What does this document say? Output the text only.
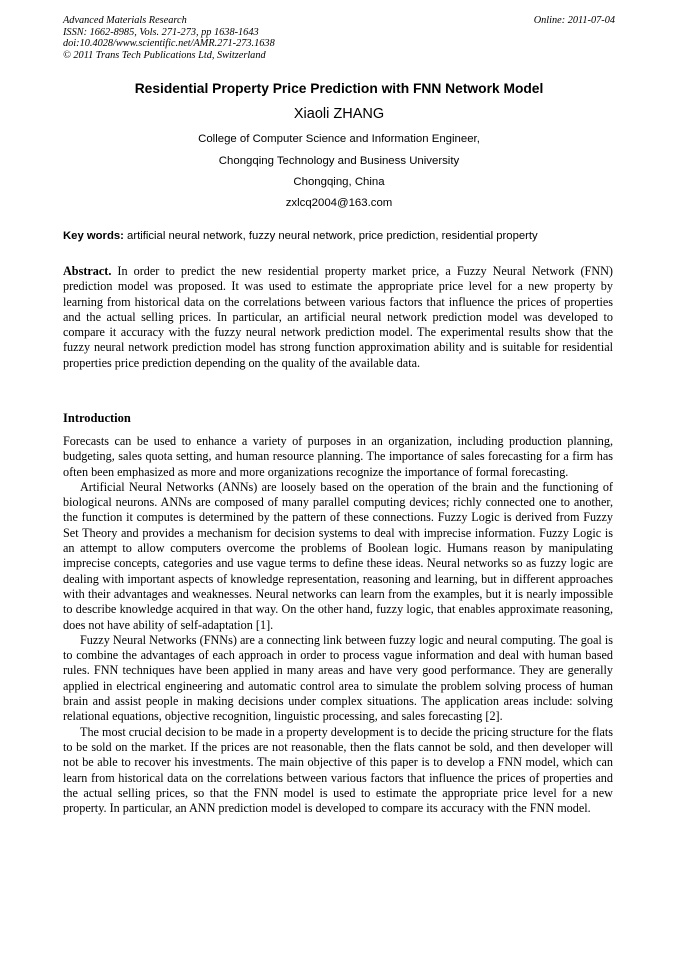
Advanced Materials Research
ISSN: 1662-8985, Vols. 271-273, pp 1638-1643
doi:10.4028/www.scientific.net/AMR.271-273.1638
© 2011 Trans Tech Publications Ltd, Switzerland
Online: 2011-07-04
Residential Property Price Prediction with FNN Network Model
Xiaoli ZHANG
College of Computer Science and Information Engineer,
Chongqing Technology and Business University
Chongqing, China
zxlcq2004@163.com
Key words: artificial neural network, fuzzy neural network, price prediction, residential property

Abstract. In order to predict the new residential property market price, a Fuzzy Neural Network (FNN) prediction model was proposed. It was used to estimate the appropriate price level for a new property by learning from historical data on the correlations between various factors that influence the prices of properties and the actual selling prices. In particular, an artificial neural network prediction model was developed to compare it accuracy with the fuzzy neural network prediction model. The experimental results show that the fuzzy neural network prediction model has strong function approximation ability and is suitable for residential properties price prediction depending on the quality of the available data.

Introduction

Forecasts can be used to enhance a variety of purposes in an organization, including production planning, budgeting, sales quota setting, and human resource planning. The importance of sales forecasting for a firm has often been emphasized as more and more organizations recognize the importance of formal forecasting.

Artificial Neural Networks (ANNs) are loosely based on the operation of the brain and the functioning of biological neurons. ANNs are composed of many parallel computing devices; richly connected one to another, the function it computes is determined by the pattern of these connections. Fuzzy Logic is derived from Fuzzy Set Theory and provides a mechanism for decision systems to deal with imprecise information. Fuzzy Logic is an attempt to allow computers overcome the problems of Boolean logic. Humans reason by manipulating imprecise concepts, categories and use vague terms to define these ideas. Neural networks so as fuzzy logic are dealing with important aspects of knowledge representation, reasoning and learning, but in different approaches with their advantages and weaknesses. Neural networks can learn from the examples, but it is nearly impossible to describe knowledge acquired in that way. On the other hand, fuzzy logic, that enables approximate reasoning, does not have ability of self-adaptation [1].

Fuzzy Neural Networks (FNNs) are a connecting link between fuzzy logic and neural computing. The goal is to combine the advantages of each approach in order to process vague information and deal with human based rules. FNN techniques have been applied in many areas and have very good performance. They are generally applied in electrical engineering and automatic control area to simulate the problem solving process of human brain and assist people in making decisions under complex situations. The application areas include: solving relational equations, objective recognition, linguistic processing, and sales forecasting [2].

The most crucial decision to be made in a property development is to decide the pricing structure for the flats to be sold on the market. If the prices are not reasonable, then the flats cannot be sold, and then developer will not be able to recover his investments. The main objective of this paper is to develop a FNN model, which can learn from historical data on the correlations between various factors that influence the prices of properties and the actual selling prices, so that the FNN model is used to estimate the appropriate price level for a new property. In particular, an ANN prediction model is developed to compare its accuracy with the FNN model.
